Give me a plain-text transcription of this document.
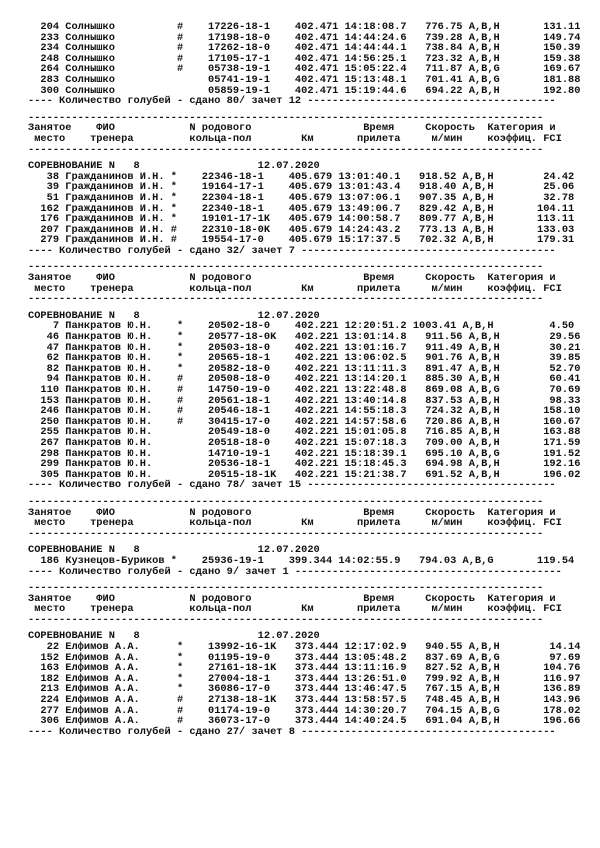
204 Солнышко          #    17226-18-1    402.471 14:18:08.7   776.75 A,B,H       131.11
233 Солнышко          #    17198-18-0    402.471 14:44:24.6   739.28 A,B,H       149.74
234 Солнышко          #    17262-18-0    402.471 14:44:44.1   738.84 A,B,H       150.39
248 Солнышко          #    17105-17-1    402.471 14:56:25.1   723.32 A,B,H       159.38
264 Солнышко          #    05738-19-1    402.471 15:05:22.4   711.87 A,B,G       169.67
283 Солнышко               05741-19-1    402.471 15:13:48.1   701.41 A,B,G       181.88
300 Солнышко               05859-19-1    402.471 15:19:44.6   694.22 A,B,H       192.80
---- Количество голубей - сдано 80/ зачет 12 ----------------------------------------
-----------------------------------------------------------------------------------
Занятое    ФИО            N родового                  Время     Скорость  Категория и
место    тренера         кольца-пол        Км       прилета     м/мин    коэффиц. FCI
-----------------------------------------------------------------------------------
СОРЕВНОВАНИЕ N   8                   12.07.2020
38 Гражданинов И.Н. *    22346-18-1    405.679 13:01:40.1   918.52 A,B,H        24.42
39 Гражданинов И.Н. *    19164-17-1    405.679 13:01:43.4   918.40 A,B,H        25.06
51 Гражданинов И.Н. *    22304-18-1    405.679 13:07:06.1   907.35 A,B,H        32.78
162 Гражданинов И.Н. *    22340-18-1    405.679 13:49:06.7   829.42 A,B,H       104.11
176 Гражданинов И.Н. *    19101-17-1K   405.679 14:00:58.7   809.77 A,B,H       113.11
207 Гражданинов И.Н. #    22310-18-0K   405.679 14:24:43.2   773.13 A,B,H       133.03
279 Гражданинов И.Н. #    19554-17-0    405.679 15:17:37.5   702.32 A,B,H       179.31
---- Количество голубей - сдано 32/ зачет 7 -----------------------------------------
-----------------------------------------------------------------------------------
Занятое    ФИО            N родового                  Время     Скорость  Категория и
место    тренера         кольца-пол        Км       прилета     м/мин    коэффиц. FCI
-----------------------------------------------------------------------------------
СОРЕВНОВАНИЕ N   8                   12.07.2020
7 Панкратов Ю.Н.    *    20502-18-0    402.221 12:20:51.2 1003.41 A,B,H         4.50
46 Панкратов Ю.Н.    *    20577-18-0K   402.221 13:01:14.8   911.56 A,B,H        29.56
47 Панкратов Ю.Н.    *    20503-18-0    402.221 13:01:16.7   911.49 A,B,H        30.21
62 Панкратов Ю.Н.    *    20565-18-1    402.221 13:06:02.5   901.76 A,B,H        39.85
82 Панкратов Ю.Н.    *    20582-18-0    402.221 13:11:11.3   891.47 A,B,H        52.70
94 Панкратов Ю.Н.    #    20508-18-0    402.221 13:14:20.1   885.30 A,B,H        60.41
110 Панкратов Ю.Н.    #    14750-19-0    402.221 13:22:48.8   869.08 A,B,G        70.69
153 Панкратов Ю.Н.    #    20561-18-1    402.221 13:40:14.8   837.53 A,B,H        98.33
246 Панкратов Ю.Н.    #    20546-18-1    402.221 14:55:18.3   724.32 A,B,H       158.10
250 Панкратов Ю.Н.    #    30415-17-0    402.221 14:57:58.6   720.86 A,B,H       160.67
255 Панкратов Ю.Н.         20549-18-0    402.221 15:01:05.8   716.85 A,B,H       163.88
267 Панкратов Ю.Н.         20518-18-0    402.221 15:07:18.3   709.00 A,B,H       171.59
298 Панкратов Ю.Н.         14710-19-1    402.221 15:18:39.1   695.10 A,B,G       191.52
299 Панкратов Ю.Н.         20536-18-1    402.221 15:18:45.3   694.98 A,B,H       192.16
305 Панкратов Ю.Н.         20515-18-1K   402.221 15:21:38.7   691.52 A,B,H       196.02
---- Количество голубей - сдано 78/ зачет 15 ----------------------------------------
-----------------------------------------------------------------------------------
Занятое    ФИО            N родового                  Время     Скорость  Категория и
место    тренера         кольца-пол        Км       прилета     м/мин    коэффиц. FCI
-----------------------------------------------------------------------------------
СОРЕВНОВАНИЕ N   8                   12.07.2020
186 Кузнецов-Буриков *    25936-19-1    399.344 14:02:55.9   794.03 A,B,G       119.54
---- Количество голубей - сдано 9/ зачет 1 -------------------------------------------
-----------------------------------------------------------------------------------
Занятое    ФИО            N родового                  Время     Скорость  Категория и
место    тренера         кольца-пол        Км       прилета     м/мин    коэффиц. FCI
-----------------------------------------------------------------------------------
СОРЕВНОВАНИЕ N   8                   12.07.2020
22 Елфимов А.А.      *    13992-16-1K   373.444 12:17:02.9   940.55 A,B,H        14.14
152 Елфимов А.А.      *    01195-19-0    373.444 13:05:48.2   837.69 A,B,G        97.69
163 Елфимов А.А.      *    27161-18-1K   373.444 13:11:16.9   827.52 A,B,H       104.76
182 Елфимов А.А.      *    27004-18-1    373.444 13:26:51.0   799.92 A,B,H       116.97
213 Елфимов А.А.      *    36086-17-0    373.444 13:46:47.5   767.15 A,B,H       136.89
224 Елфимов А.А.      #    27138-18-1K   373.444 13:58:57.5   748.45 A,B,H       143.96
277 Елфимов А.А.      #    01174-19-0    373.444 14:30:20.7   704.15 A,B,G       178.02
306 Елфимов А.А.      #    36073-17-0    373.444 14:40:24.5   691.04 A,B,H       196.66
---- Количество голубей - сдано 27/ зачет 8 -----------------------------------------
